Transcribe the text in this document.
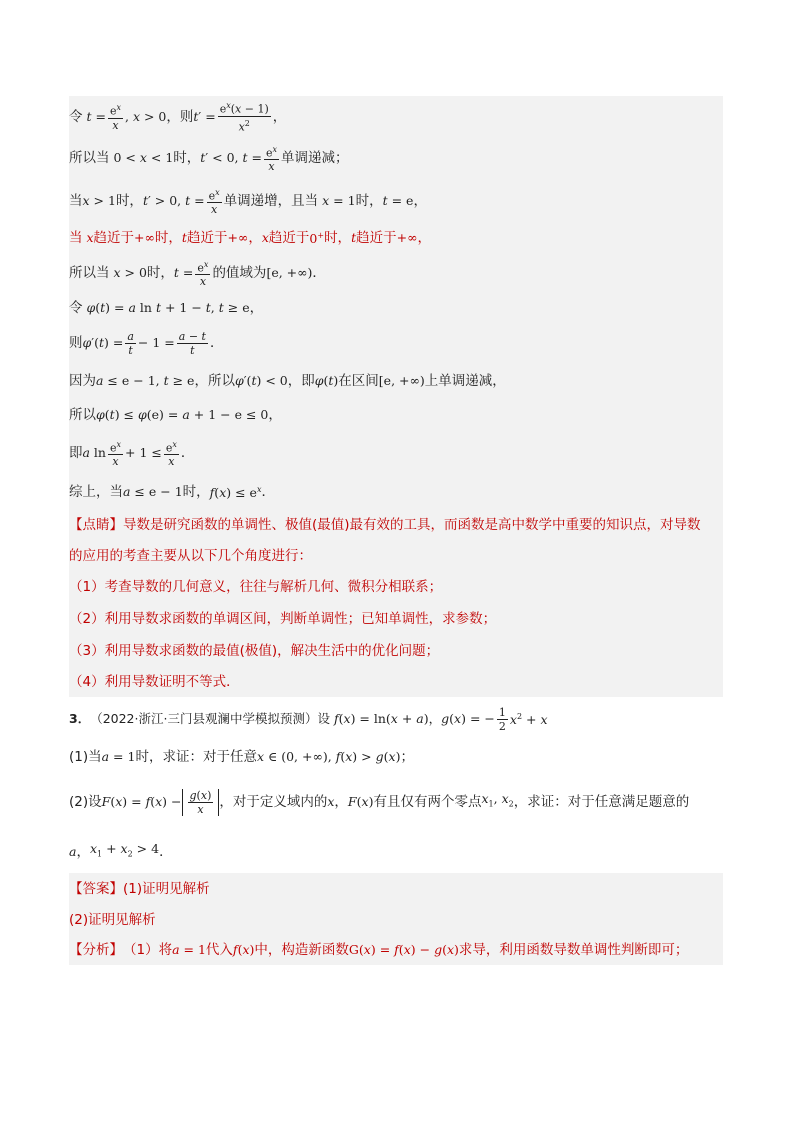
令 $t = \frac{e^x}{x}$ , x > 0 ，则 $t' = \frac{e^x(x - 1)}{x^2}$ ，
所以当 0 < x < 1 时， t′ < 0, $t = \frac{e^x}{x}$ 单调递减；
当 x > 1 时， t′ > 0, $t = \frac{e^x}{x}$ 单调递增，且当 x = 1 时， t = e ，
当 x 趋近于 +∞ 时， t 趋近于 +∞ ， x 趋近于 0+ 时， t 趋近于 +∞ ，
所以当 x > 0 时， $t = \frac{e^x}{x}$ 的值域为 [e, +∞) ．
令 φ(t) = a ln t + 1 − t, t ≥ e ，
则 $\varphi'(t) = \frac{a}{t} - 1 = \frac{a - t}{t}$ ．
因为 a ≤ e − 1, t ≥ e ，所以 φ′(t) < 0 ，即 φ(t) 在区间 [e, +∞) 上单调递减，
所以 φ(t) ≤ φ(e) = a + 1 − e ≤ 0 ，
即 a $\ln \frac{e^x}{x} + 1 \le \frac{e^x}{x}$ ．
综上，当 a ≤ e − 1 时， $f(x) \le e^x$ ．
【点睛】 导数是研究函数的单调性、极值(最值)最有效的工具，而函数是高中数学中重要的知识点，对导数
的应用的考查主要从以下几个角度进行：
（1）考查导数的几何意义，往往与解析几何、微积分相联系；
（2）利用导数求函数的单调区间，判断单调性；已知单调性，求参数；
（3）利用导数求函数的最值(极值)，解决生活中的优化问题；
（4）利用导数证明不等式．
3． （2022·浙江·三门县观澜中学模拟预测） 设 f(x) = ln(x + a) ， g(x) = − $\frac{1}{2} x^2 + x$
(1)当 a = 1 时，求证：对于任意 x ∈ (0, +∞), f(x) > g(x) ；
(2)设 $F(x) = f(x) - \frac{g(x)}{x}$ ，对于定义域内的 x ， F(x) 有且仅有两个零点 $x_1$, $x_2$ ，求证：对于任意满足题意的
a ， $x_1 + x_2 > 4$ ．
【答案】 (1)证明见解析
(2)证明见解析
【分析】 （1）将 a = 1 代入 f(x) 中，构造新函数 G(x) = f(x) − g(x) 求导，利用函数导数单调性判断即可；
